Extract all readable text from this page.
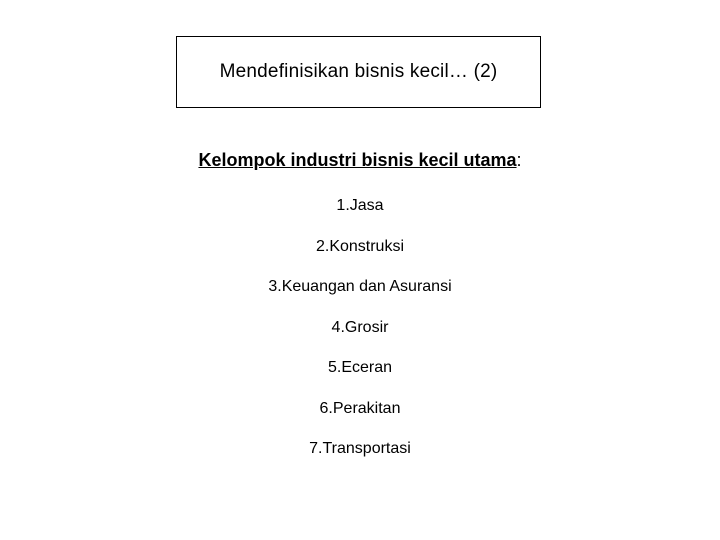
Mendefinisikan bisnis kecil… (2)
Kelompok industri bisnis kecil utama:
1.Jasa
2.Konstruksi
3.Keuangan dan Asuransi
4.Grosir
5.Eceran
6.Perakitan
7.Transportasi
